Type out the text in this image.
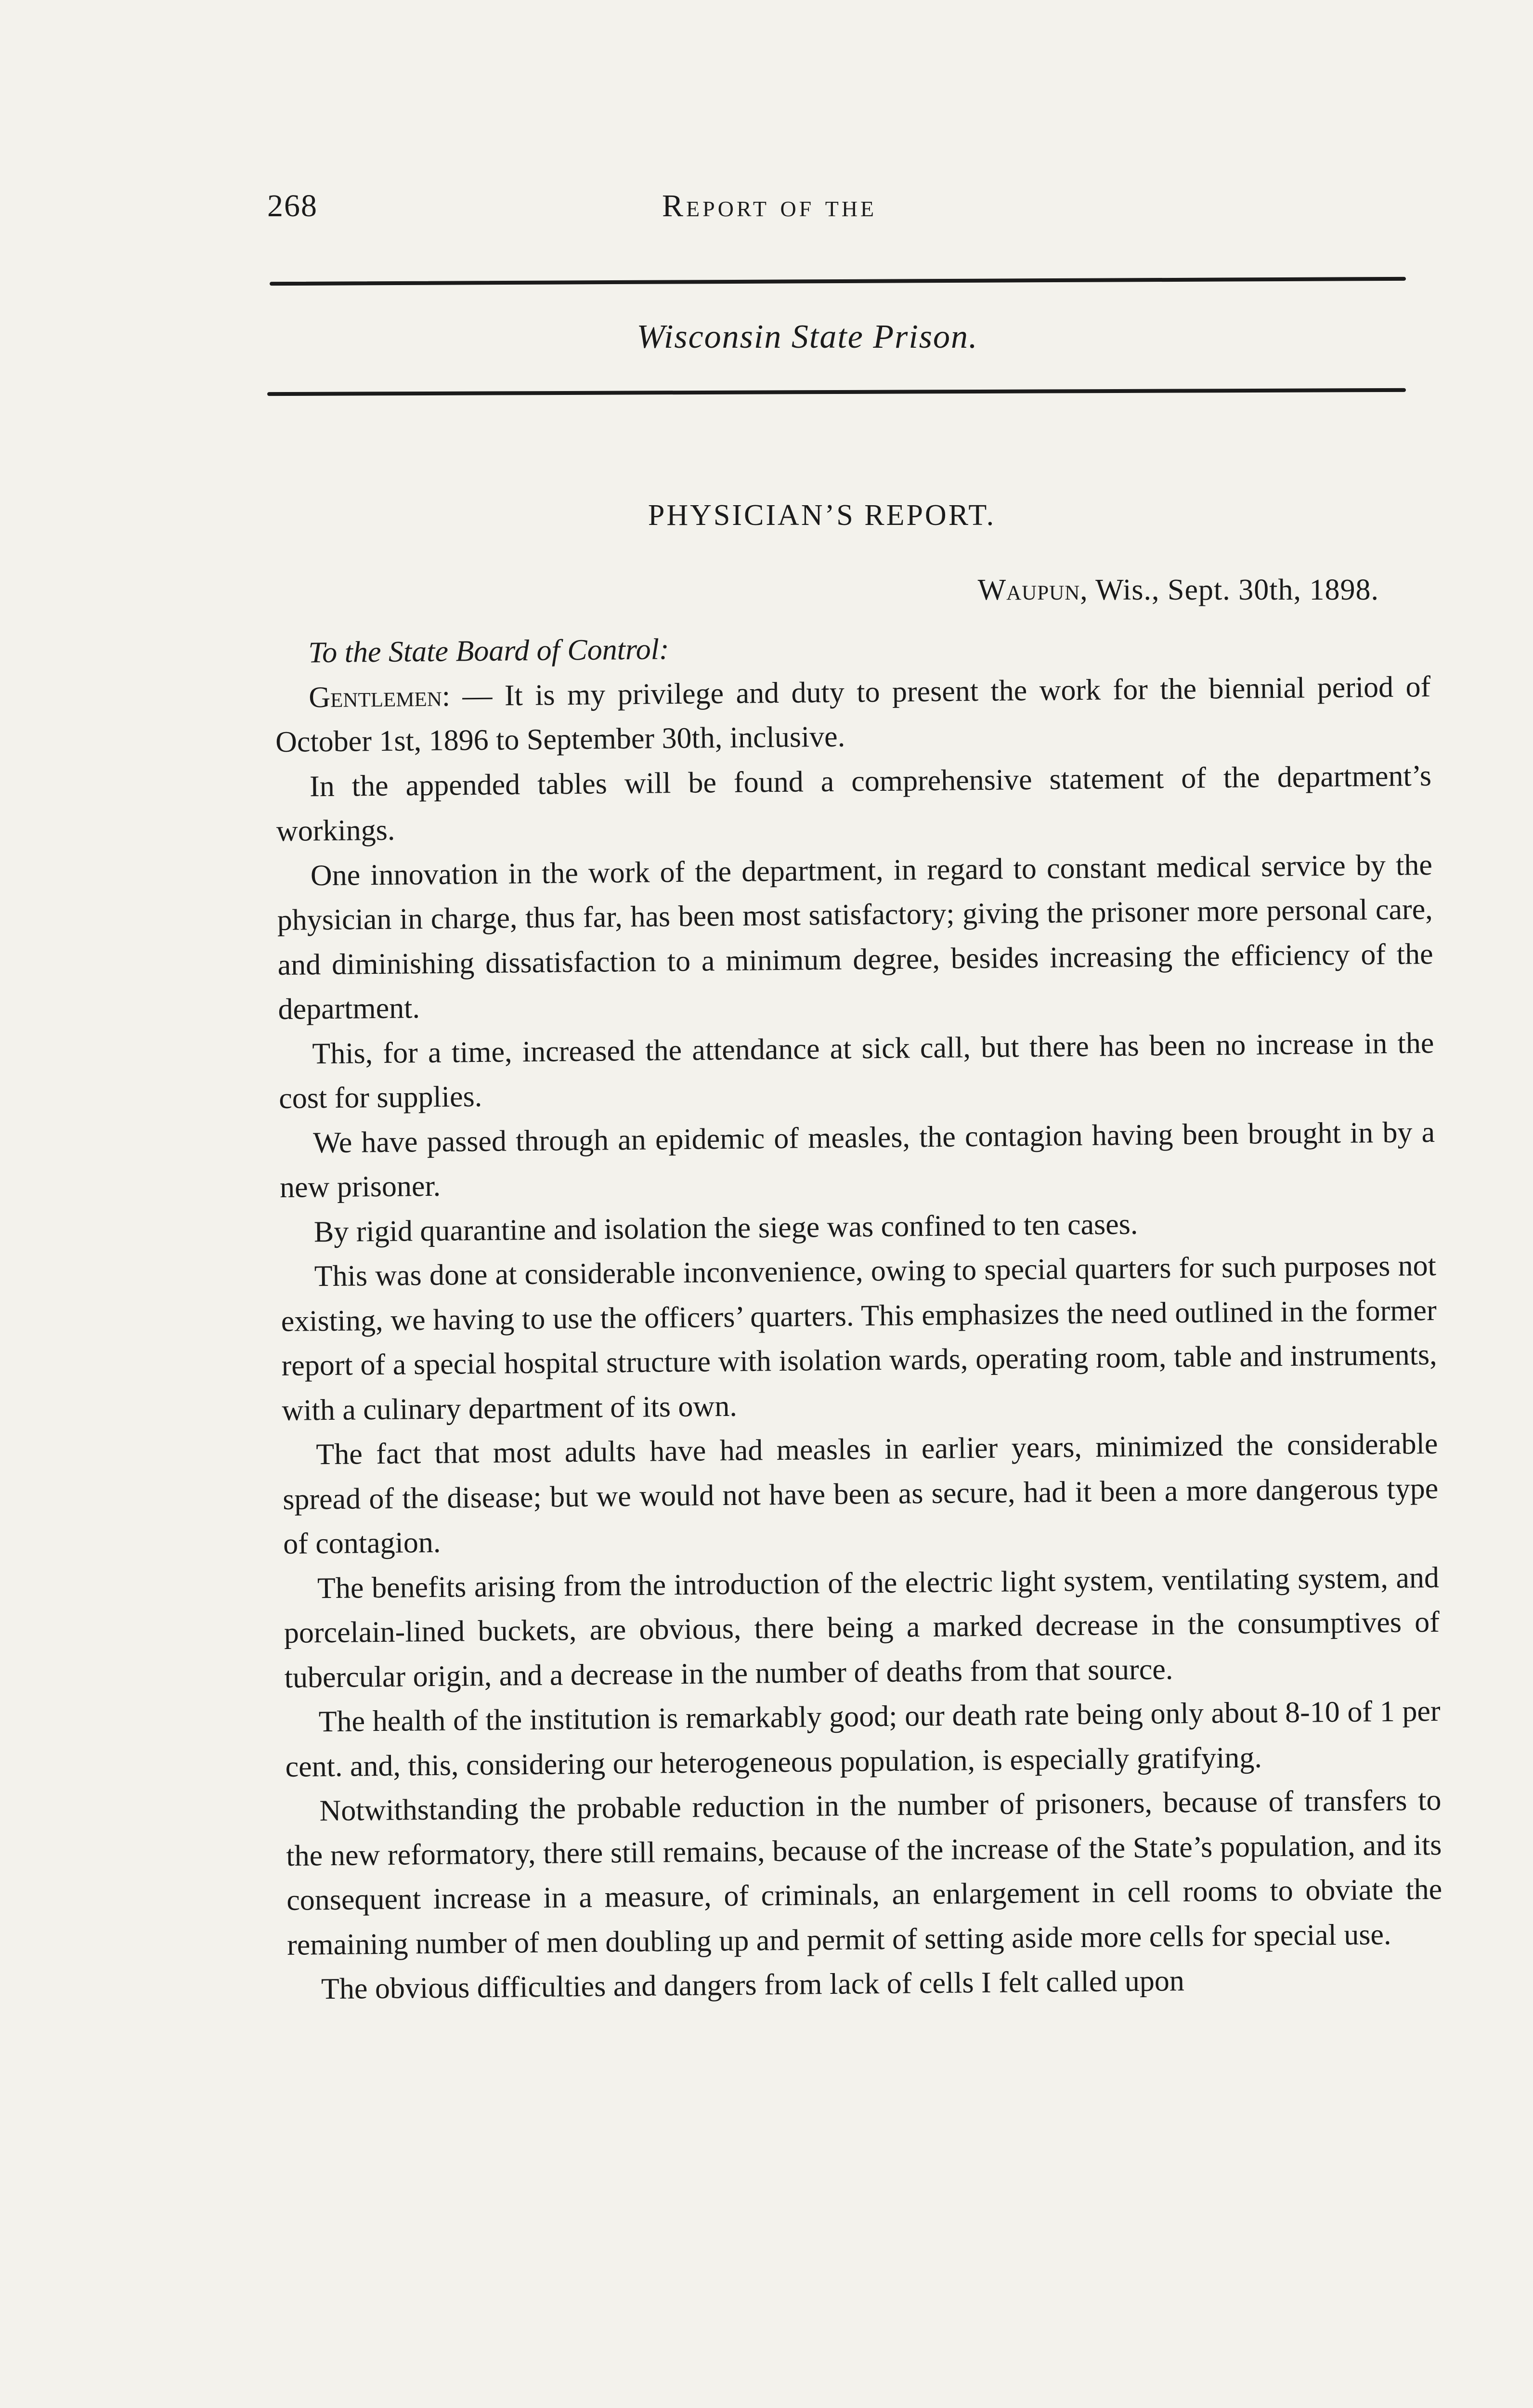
268	Report of the
Wisconsin State Prison.
PHYSICIAN’S REPORT.
Waupun, Wis., Sept. 30th, 1898.

To the State Board of Control:

Gentlemen: — It is my privilege and duty to present the work for the biennial period of October 1st, 1896 to September 30th, inclusive.

In the appended tables will be found a comprehensive statement of the department’s workings.

One innovation in the work of the department, in regard to constant medical service by the physician in charge, thus far, has been most satisfactory; giving the prisoner more personal care, and diminishing dissatisfaction to a minimum degree, besides increasing the efficiency of the department.

This, for a time, increased the attendance at sick call, but there has been no increase in the cost for supplies.

We have passed through an epidemic of measles, the contagion having been brought in by a new prisoner.

By rigid quarantine and isolation the siege was confined to ten cases.

This was done at considerable inconvenience, owing to special quarters for such purposes not existing, we having to use the officers’ quarters. This emphasizes the need outlined in the former report of a special hospital structure with isolation wards, operating room, table and instruments, with a culinary department of its own.

The fact that most adults have had measles in earlier years, minimized the considerable spread of the disease; but we would not have been as secure, had it been a more dangerous type of contagion.

The benefits arising from the introduction of the electric light system, ventilating system, and porcelain-lined buckets, are obvious, there being a marked decrease in the consumptives of tubercular origin, and a decrease in the number of deaths from that source.

The health of the institution is remarkably good; our death rate being only about 8-10 of 1 per cent. and, this, considering our heterogeneous population, is especially gratifying.

Notwithstanding the probable reduction in the number of prisoners, because of transfers to the new reformatory, there still remains, because of the increase of the State’s population, and its consequent increase in a measure, of criminals, an enlargement in cell rooms to obviate the remaining number of men doubling up and permit of setting aside more cells for special use.

The obvious difficulties and dangers from lack of cells I felt called upon
